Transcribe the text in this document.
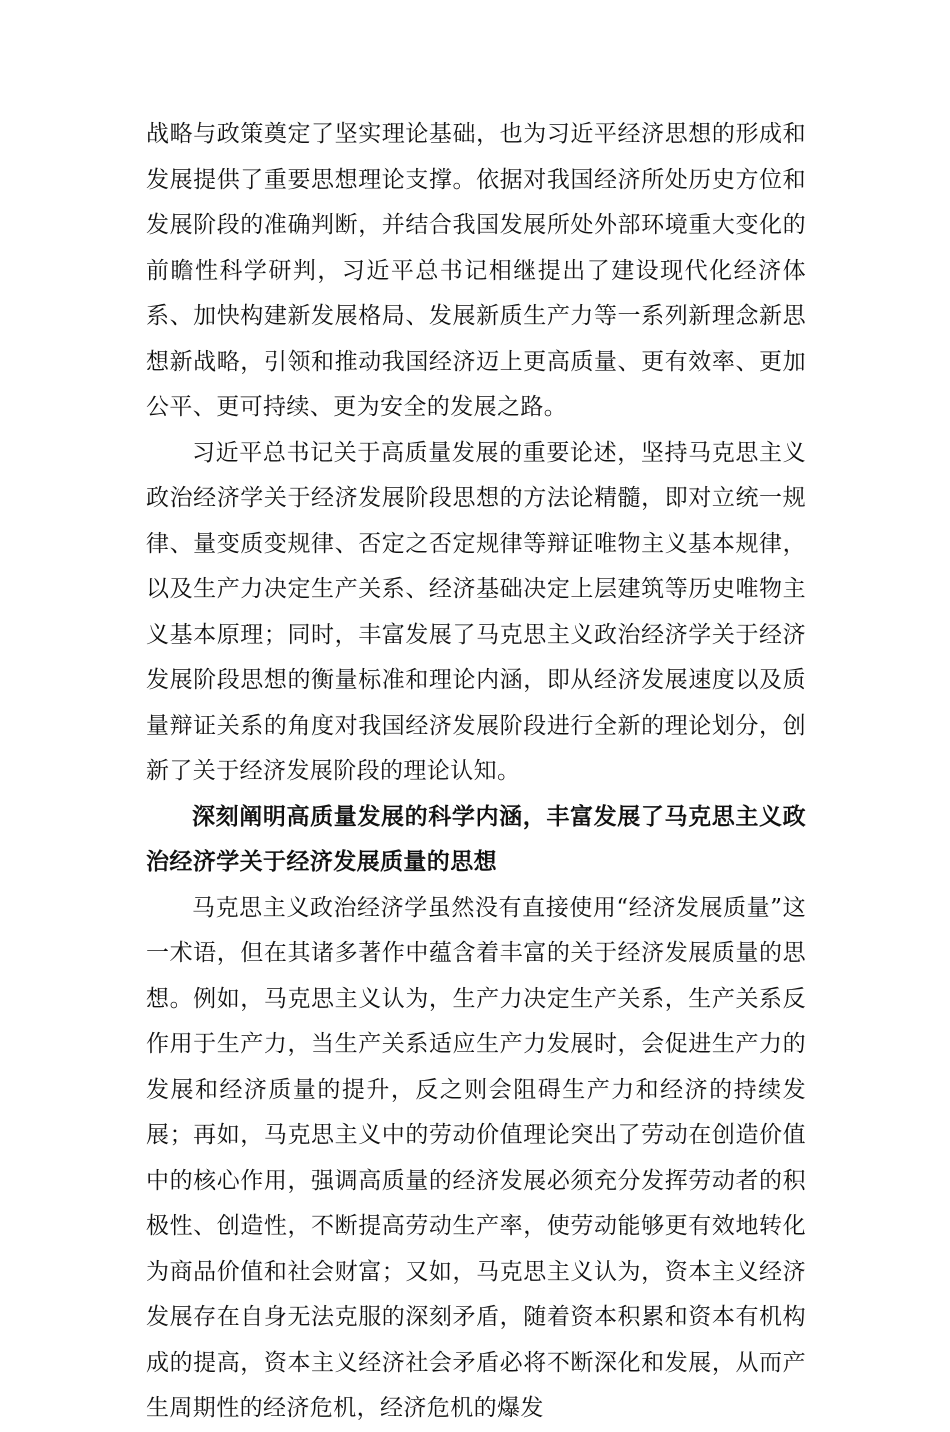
战略与政策奠定了坚实理论基础，也为习近平经济思想的形成和发展提供了重要思想理论支撑。依据对我国经济所处历史方位和发展阶段的准确判断，并结合我国发展所处外部环境重大变化的前瞻性科学研判，习近平总书记相继提出了建设现代化经济体系、加快构建新发展格局、发展新质生产力等一系列新理念新思想新战略，引领和推动我国经济迈上更高质量、更有效率、更加公平、更可持续、更为安全的发展之路。

习近平总书记关于高质量发展的重要论述，坚持马克思主义政治经济学关于经济发展阶段思想的方法论精髓，即对立统一规律、量变质变规律、否定之否定规律等辩证唯物主义基本规律，以及生产力决定生产关系、经济基础决定上层建筑等历史唯物主义基本原理；同时，丰富发展了马克思主义政治经济学关于经济发展阶段思想的衡量标准和理论内涵，即从经济发展速度以及质量辩证关系的角度对我国经济发展阶段进行全新的理论划分，创新了关于经济发展阶段的理论认知。

深刻阐明高质量发展的科学内涵，丰富发展了马克思主义政治经济学关于经济发展质量的思想

马克思主义政治经济学虽然没有直接使用“经济发展质量”这一术语，但在其诸多著作中蕴含着丰富的关于经济发展质量的思想。例如，马克思主义认为，生产力决定生产关系，生产关系反作用于生产力，当生产关系适应生产力发展时，会促进生产力的发展和经济质量的提升，反之则会阻碍生产力和经济的持续发展；再如，马克思主义中的劳动价值理论突出了劳动在创造价值中的核心作用，强调高质量的经济发展必须充分发挥劳动者的积极性、创造性，不断提高劳动生产率，使劳动能够更有效地转化为商品价值和社会财富；又如，马克思主义认为，资本主义经济发展存在自身无法克服的深刻矛盾，随着资本积累和资本有机构成的提高，资本主义经济社会矛盾必将不断深化和发展，从而产生周期性的经济危机，经济危机的爆发
